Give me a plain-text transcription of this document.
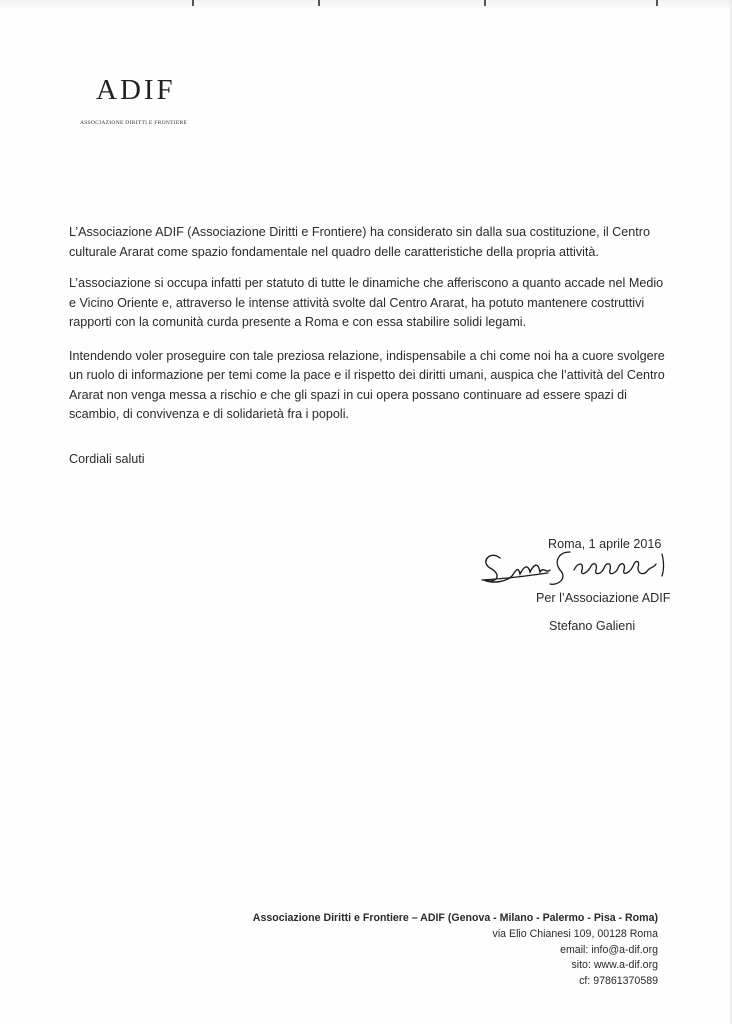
ADIF
ASSOCIAZIONE DIRITTI E FRONTIERE

L’Associazione ADIF (Associazione Diritti e Frontiere) ha considerato sin dalla sua costituzione, il Centro culturale Ararat come spazio fondamentale nel quadro delle caratteristiche della propria attività.

L’associazione si occupa infatti per statuto di tutte le dinamiche che afferiscono a quanto accade nel Medio e Vicino Oriente e, attraverso le intense attività svolte dal Centro Ararat, ha potuto mantenere costruttivi rapporti con la comunità curda presente a Roma e con essa stabilire solidi legami.

Intendendo voler proseguire con tale preziosa relazione, indispensabile a chi come noi ha a cuore svolgere un ruolo di informazione per temi come la pace e il rispetto dei diritti umani, auspica che l’attività del Centro Ararat non venga messa a rischio e che gli spazi in cui opera possano continuare ad essere spazi di scambio, di convivenza e di solidarietà fra i popoli.

Cordiali saluti
Roma, 1 aprile 2016
Per l’Associazione ADIF
Stefano Galieni
Associazione Diritti e Frontiere – ADIF (Genova - Milano - Palermo - Pisa - Roma)
via Elio Chianesi 109, 00128 Roma
email: info@a-dif.org
sito: www.a-dif.org
cf: 97861370589
